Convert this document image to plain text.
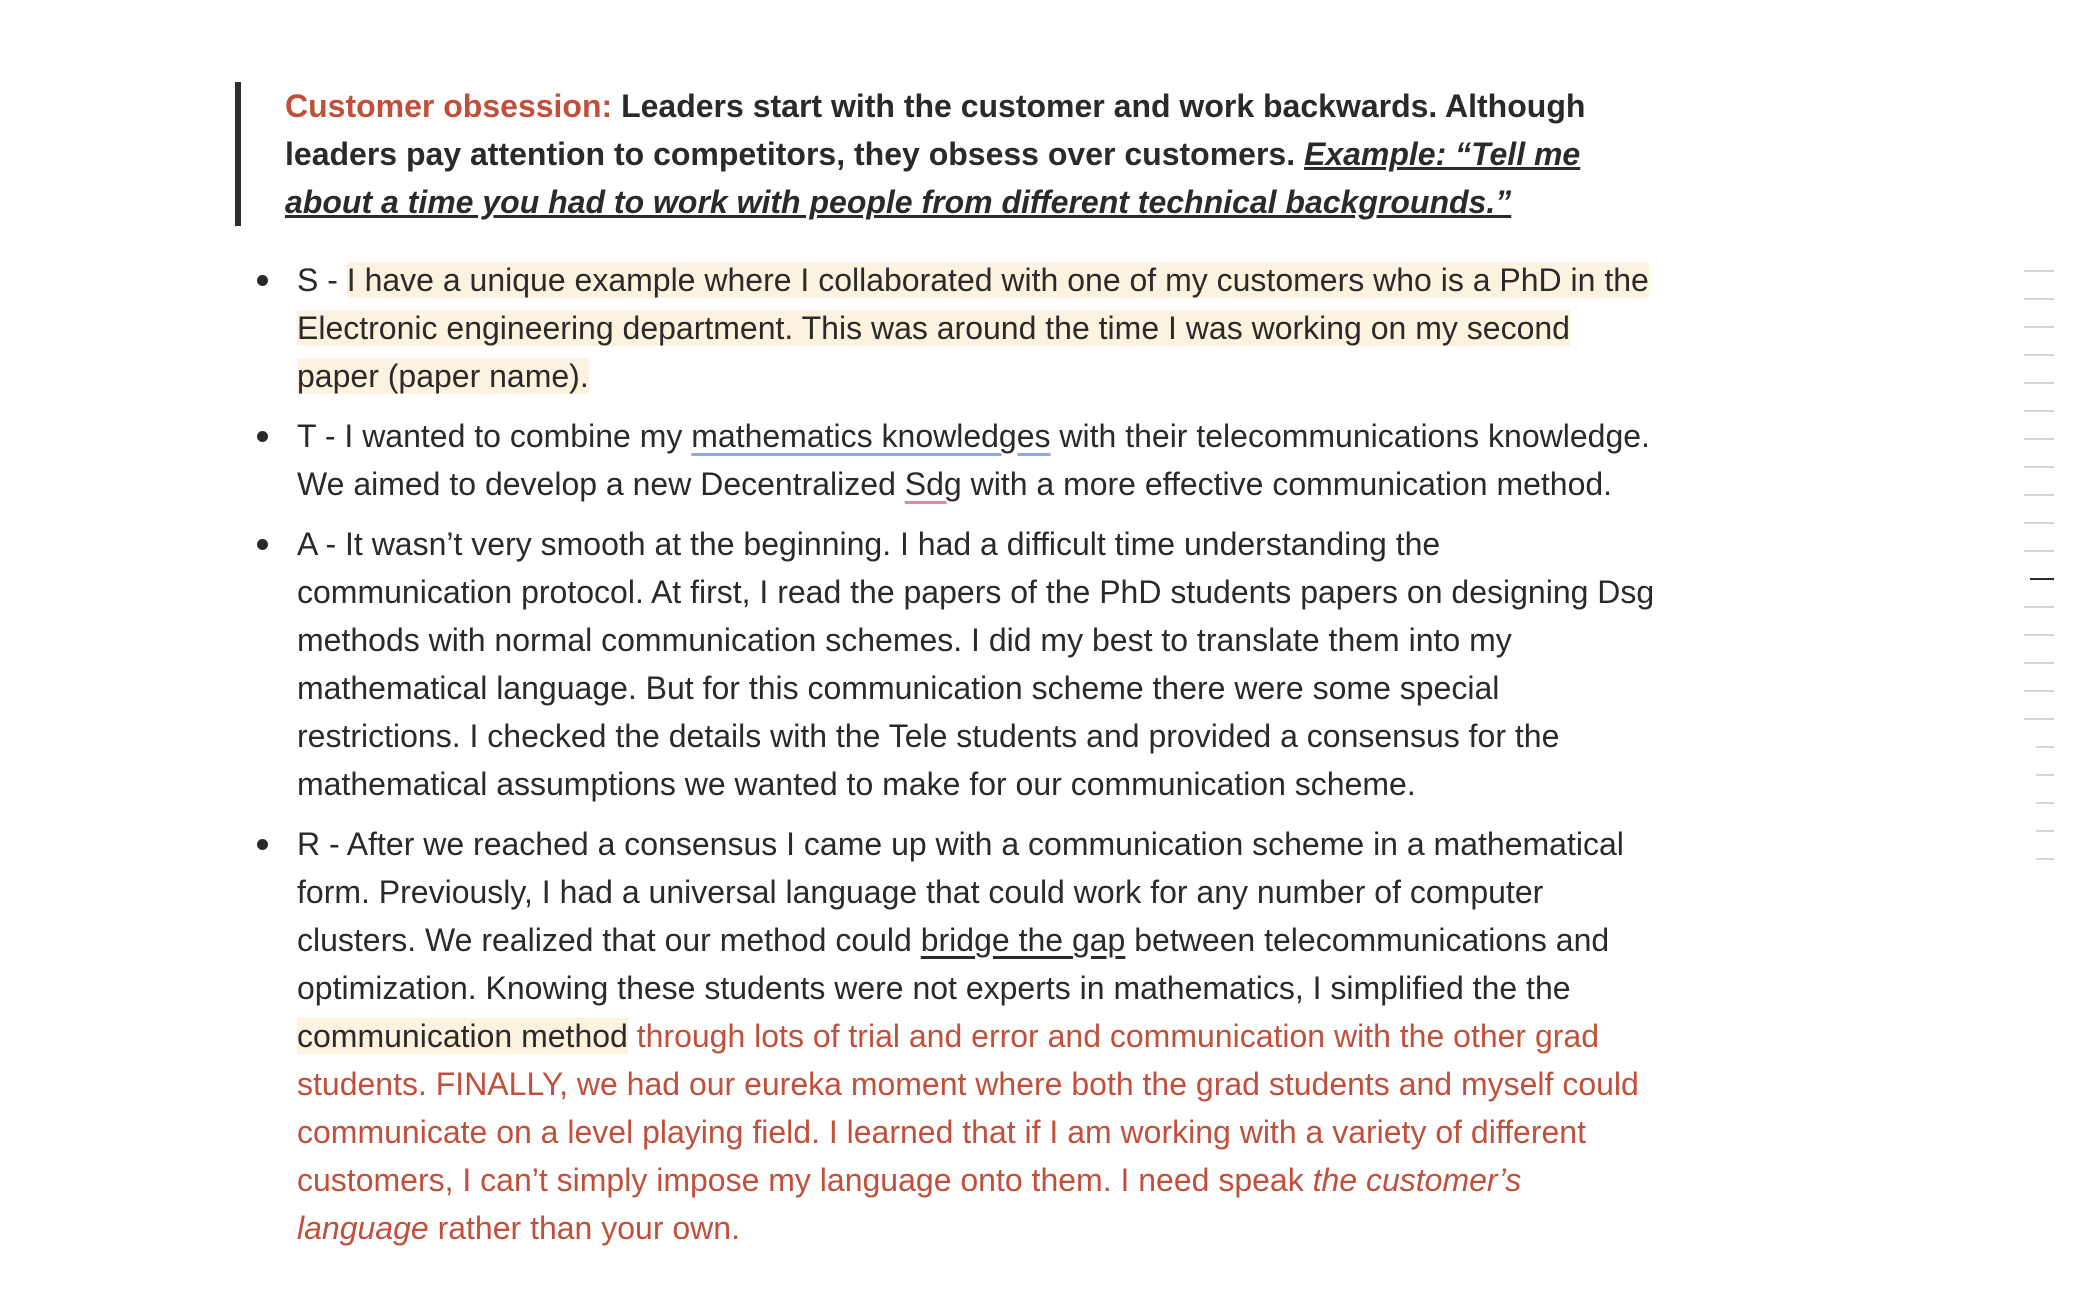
Customer obsession: Leaders start with the customer and work backwards. Although leaders pay attention to competitors, they obsess over customers. Example: “Tell me about a time you had to work with people from different technical backgrounds.”
S - I have a unique example where I collaborated with one of my customers who is a PhD in the Electronic engineering department. This was around the time I was working on my second paper (paper name).
T - I wanted to combine my mathematics knowledges with their telecommunications knowledge. We aimed to develop a new Decentralized Sdg with a more effective communication method.
A - It wasn’t very smooth at the beginning. I had a difficult time understanding the communication protocol. At first, I read the papers of the PhD students papers on designing Dsg methods with normal communication schemes. I did my best to translate them into my mathematical language. But for this communication scheme there were some special restrictions. I checked the details with the Tele students and provided a consensus for the mathematical assumptions we wanted to make for our communication scheme.
R - After we reached a consensus I came up with a communication scheme in a mathematical form. Previously, I had a universal language that could work for any number of computer clusters. We realized that our method could bridge the gap between telecommunications and optimization. Knowing these students were not experts in mathematics, I simplified the the communication method through lots of trial and error and communication with the other grad students. FINALLY, we had our eureka moment where both the grad students and myself could communicate on a level playing field. I learned that if I am working with a variety of different customers, I can’t simply impose my language onto them. I need speak the customer’s language rather than your own.
